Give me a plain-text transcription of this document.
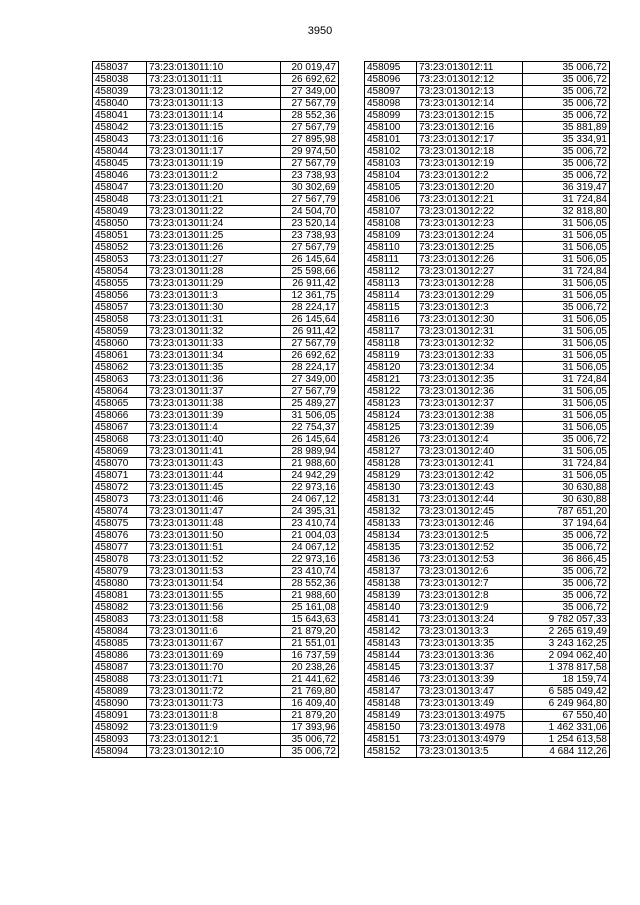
3950
458037	73:23:013011:10	20 019,47
458038	73:23:013011:11	26 692,62
458039	73:23:013011:12	27 349,00
458040	73:23:013011:13	27 567,79
458041	73:23:013011:14	28 552,36
458042	73:23:013011:15	27 567,79
458043	73:23:013011:16	27 895,98
458044	73:23:013011:17	29 974,50
458045	73:23:013011:19	27 567,79
458046	73:23:013011:2	23 738,93
458047	73:23:013011:20	30 302,69
458048	73:23:013011:21	27 567,79
458049	73:23:013011:22	24 504,70
458050	73:23:013011:24	23 520,14
458051	73:23:013011:25	23 738,93
458052	73:23:013011:26	27 567,79
458053	73:23:013011:27	26 145,64
458054	73:23:013011:28	25 598,66
458055	73:23:013011:29	26 911,42
458056	73:23:013011:3	12 361,75
458057	73:23:013011:30	28 224,17
458058	73:23:013011:31	26 145,64
458059	73:23:013011:32	26 911,42
458060	73:23:013011:33	27 567,79
458061	73:23:013011:34	26 692,62
458062	73:23:013011:35	28 224,17
458063	73:23:013011:36	27 349,00
458064	73:23:013011:37	27 567,79
458065	73:23:013011:38	25 489,27
458066	73:23:013011:39	31 506,05
458067	73:23:013011:4	22 754,37
458068	73:23:013011:40	26 145,64
458069	73:23:013011:41	28 989,94
458070	73:23:013011:43	21 988,60
458071	73:23:013011:44	24 942,29
458072	73:23:013011:45	22 973,16
458073	73:23:013011:46	24 067,12
458074	73:23:013011:47	24 395,31
458075	73:23:013011:48	23 410,74
458076	73:23:013011:50	21 004,03
458077	73:23:013011:51	24 067,12
458078	73:23:013011:52	22 973,16
458079	73:23:013011:53	23 410,74
458080	73:23:013011:54	28 552,36
458081	73:23:013011:55	21 988,60
458082	73:23:013011:56	25 161,08
458083	73:23:013011:58	15 643,63
458084	73:23:013011:6	21 879,20
458085	73:23:013011:67	21 551,01
458086	73:23:013011:69	16 737,59
458087	73:23:013011:70	20 238,26
458088	73:23:013011:71	21 441,62
458089	73:23:013011:72	21 769,80
458090	73:23:013011:73	16 409,40
458091	73:23:013011:8	21 879,20
458092	73:23:013011:9	17 393,96
458093	73:23:013012:1	35 006,72
458094	73:23:013012:10	35 006,72
458095	73:23:013012:11	35 006,72
458096	73:23:013012:12	35 006,72
458097	73:23:013012:13	35 006,72
458098	73:23:013012:14	35 006,72
458099	73:23:013012:15	35 006,72
458100	73:23:013012:16	35 881,89
458101	73:23:013012:17	35 334,91
458102	73:23:013012:18	35 006,72
458103	73:23:013012:19	35 006,72
458104	73:23:013012:2	35 006,72
458105	73:23:013012:20	36 319,47
458106	73:23:013012:21	31 724,84
458107	73:23:013012:22	32 818,80
458108	73:23:013012:23	31 506,05
458109	73:23:013012:24	31 506,05
458110	73:23:013012:25	31 506,05
458111	73:23:013012:26	31 506,05
458112	73:23:013012:27	31 724,84
458113	73:23:013012:28	31 506,05
458114	73:23:013012:29	31 506,05
458115	73:23:013012:3	35 006,72
458116	73:23:013012:30	31 506,05
458117	73:23:013012:31	31 506,05
458118	73:23:013012:32	31 506,05
458119	73:23:013012:33	31 506,05
458120	73:23:013012:34	31 506,05
458121	73:23:013012:35	31 724,84
458122	73:23:013012:36	31 506,05
458123	73:23:013012:37	31 506,05
458124	73:23:013012:38	31 506,05
458125	73:23:013012:39	31 506,05
458126	73:23:013012:4	35 006,72
458127	73:23:013012:40	31 506,05
458128	73:23:013012:41	31 724,84
458129	73:23:013012:42	31 506,05
458130	73:23:013012:43	30 630,88
458131	73:23:013012:44	30 630,88
458132	73:23:013012:45	787 651,20
458133	73:23:013012:46	37 194,64
458134	73:23:013012:5	35 006,72
458135	73:23:013012:52	35 006,72
458136	73:23:013012:53	36 866,45
458137	73:23:013012:6	35 006,72
458138	73:23:013012:7	35 006,72
458139	73:23:013012:8	35 006,72
458140	73:23:013012:9	35 006,72
458141	73:23:013013:24	9 782 057,33
458142	73:23:013013:3	2 265 619,49
458143	73:23:013013:35	3 243 162,25
458144	73:23:013013:36	2 094 062,40
458145	73:23:013013:37	1 378 817,58
458146	73:23:013013:39	18 159,74
458147	73:23:013013:47	6 585 049,42
458148	73:23:013013:49	6 249 964,80
458149	73:23:013013:4975	67 550,40
458150	73:23:013013:4978	1 462 331,06
458151	73:23:013013:4979	1 254 613,58
458152	73:23:013013:5	4 684 112,26
